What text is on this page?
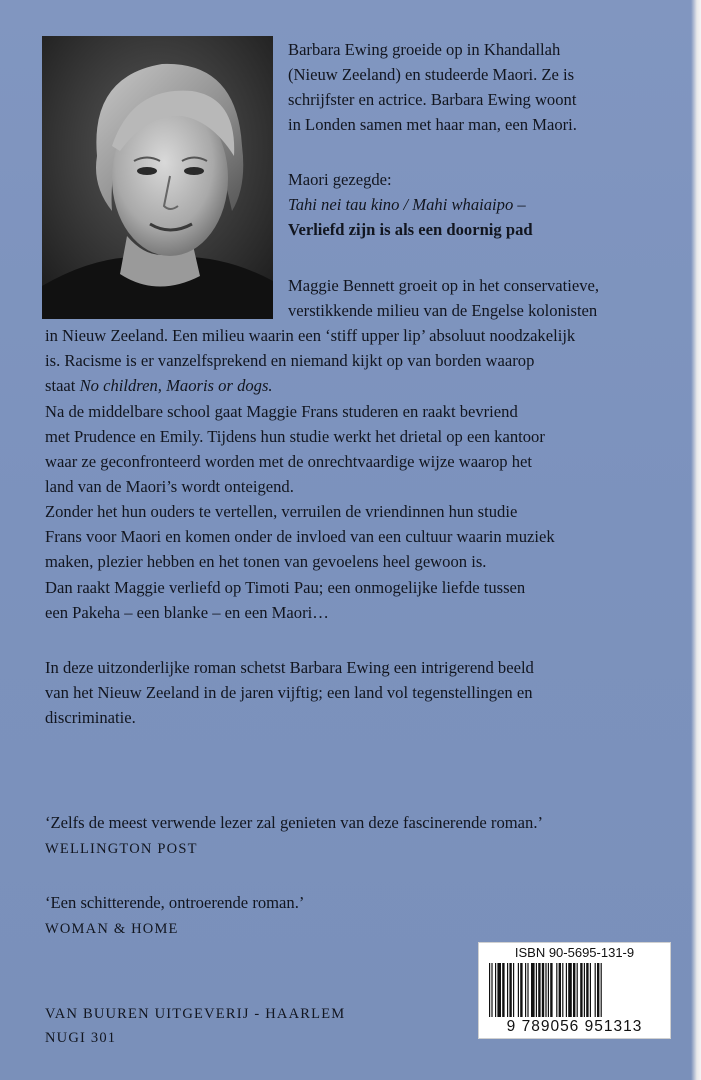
Barbara Ewing groeide op in Khandallah

(Nieuw Zeeland) en studeerde Maori. Ze is

schrijfster en actrice. Barbara Ewing woont

in Londen samen met haar man, een Maori.

Maori gezegde:

Tahi nei tau kino / Mahi whaiaipo –

Verliefd zijn is als een doornig pad

Maggie Bennett groeit op in het conservatieve,

verstikkende milieu van de Engelse kolonisten

in Nieuw Zeeland. Een milieu waarin een ‘stiff upper lip’ absoluut noodzakelijk

is. Racisme is er vanzelfsprekend en niemand kijkt op van borden waarop

staat No children, Maoris or dogs.

Na de middelbare school gaat Maggie Frans studeren en raakt bevriend

met Prudence en Emily. Tijdens hun studie werkt het drietal op een kantoor

waar ze geconfronteerd worden met de onrechtvaardige wijze waarop het

land van de Maori’s wordt onteigend.

Zonder het hun ouders te vertellen, verruilen de vriendinnen hun studie

Frans voor Maori en komen onder de invloed van een cultuur waarin muziek

maken, plezier hebben en het tonen van gevoelens heel gewoon is.

Dan raakt Maggie verliefd op Timoti Pau; een onmogelijke liefde tussen

een Pakeha – een blanke – en een Maori…

In deze uitzonderlijke roman schetst Barbara Ewing een intrigerend beeld

van het Nieuw Zeeland in de jaren vijftig; een land vol tegenstellingen en

discriminatie.

‘Zelfs de meest verwende lezer zal genieten van deze fascinerende roman.’

WELLINGTON POST

‘Een schitterende, ontroerende roman.’

WOMAN & HOME

VAN BUUREN UITGEVERIJ - HAARLEM

NUGI 301

ISBN 90-5695-131-9
9 789056 951313
